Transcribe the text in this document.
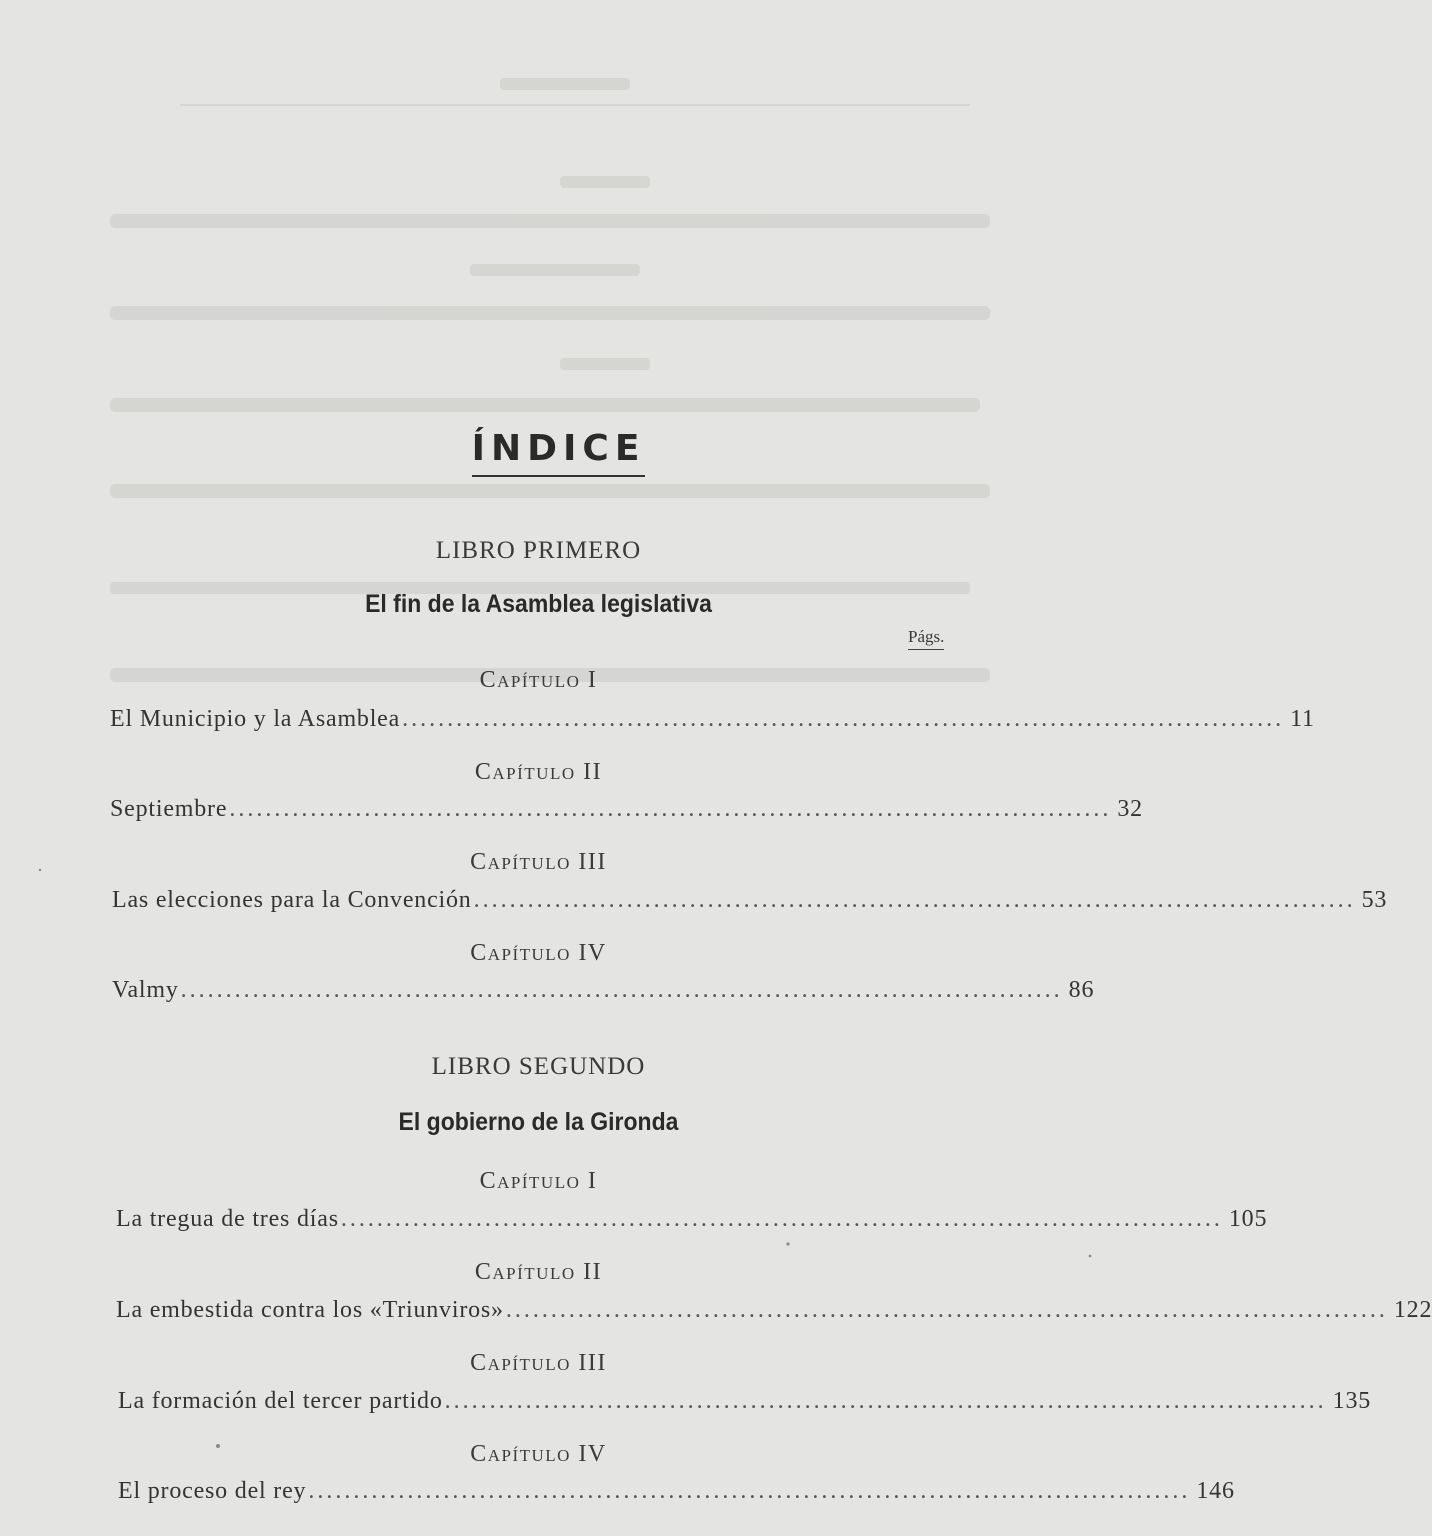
ÍNDICE
LIBRO PRIMERO
El fin de la Asamblea legislativa
Págs.
Capítulo I
El Municipio y la Asamblea .................................................................................................. 11
Capítulo II
Septiembre .................................................................................................. 32
Capítulo III
Las elecciones para la Convención .................................................................................................. 53
Capítulo IV
Valmy .................................................................................................. 86
LIBRO SEGUNDO
El gobierno de la Gironda
Capítulo I
La tregua de tres días .................................................................................................. 105
Capítulo II
La embestida contra los «Triunviros» .................................................................................................. 122
Capítulo III
La formación del tercer partido .................................................................................................. 135
Capítulo IV
El proceso del rey .................................................................................................. 146
